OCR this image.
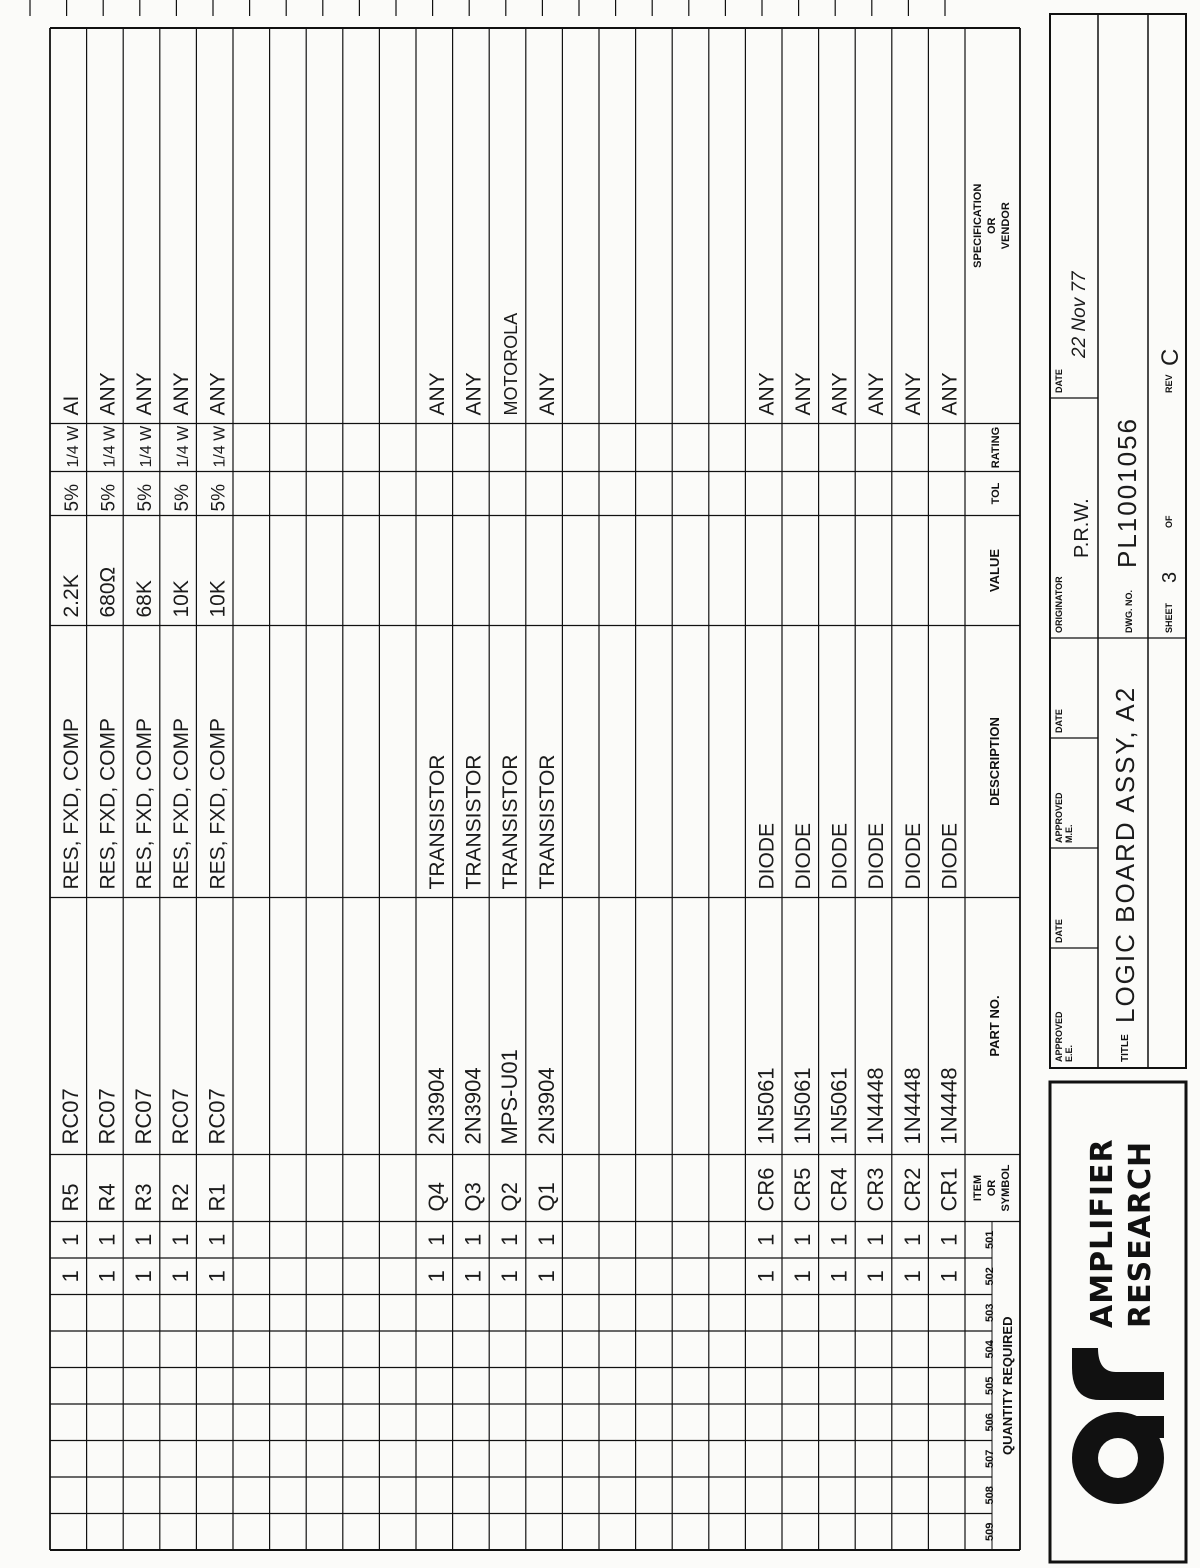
1
1
R5
RC07
RES, FXD, COMP
2.2K
5%
1/4 W
AI
1
1
R4
RC07
RES, FXD, COMP
680Ω
5%
1/4 W
ANY
1
1
R3
RC07
RES, FXD, COMP
68K
5%
1/4 W
ANY
1
1
R2
RC07
RES, FXD, COMP
10K
5%
1/4 W
ANY
1
1
R1
RC07
RES, FXD, COMP
10K
5%
1/4 W
ANY
1
1
Q4
2N3904
TRANSISTOR
ANY
1
1
Q3
2N3904
TRANSISTOR
ANY
1
1
Q2
MPS-U01
TRANSISTOR
MOTOROLA
1
1
Q1
2N3904
TRANSISTOR
ANY
1
1
CR6
1N5061
DIODE
ANY
1
1
CR5
1N5061
DIODE
ANY
1
1
CR4
1N5061
DIODE
ANY
1
1
CR3
1N4448
DIODE
ANY
1
1
CR2
1N4448
DIODE
ANY
1
1
CR1
1N4448
DIODE
ANY
509
508
507
506
505
504
503
502
501
QUANTITY REQUIRED
ITEM OR SYMBOL
PART NO.
DESCRIPTION
VALUE
TOL
RATING
SPECIFICATION OR VENDOR
AMPLIFIER RESEARCH
APPROVED E.E.
DATE
APPROVED M.E.
DATE
ORIGINATOR
P.R.W.
DATE
22 Nov 77
TITLE
LOGIC BOARD ASSY, A2
DWG. NO.
PL1001056
SHEET
3
OF
REV
C
